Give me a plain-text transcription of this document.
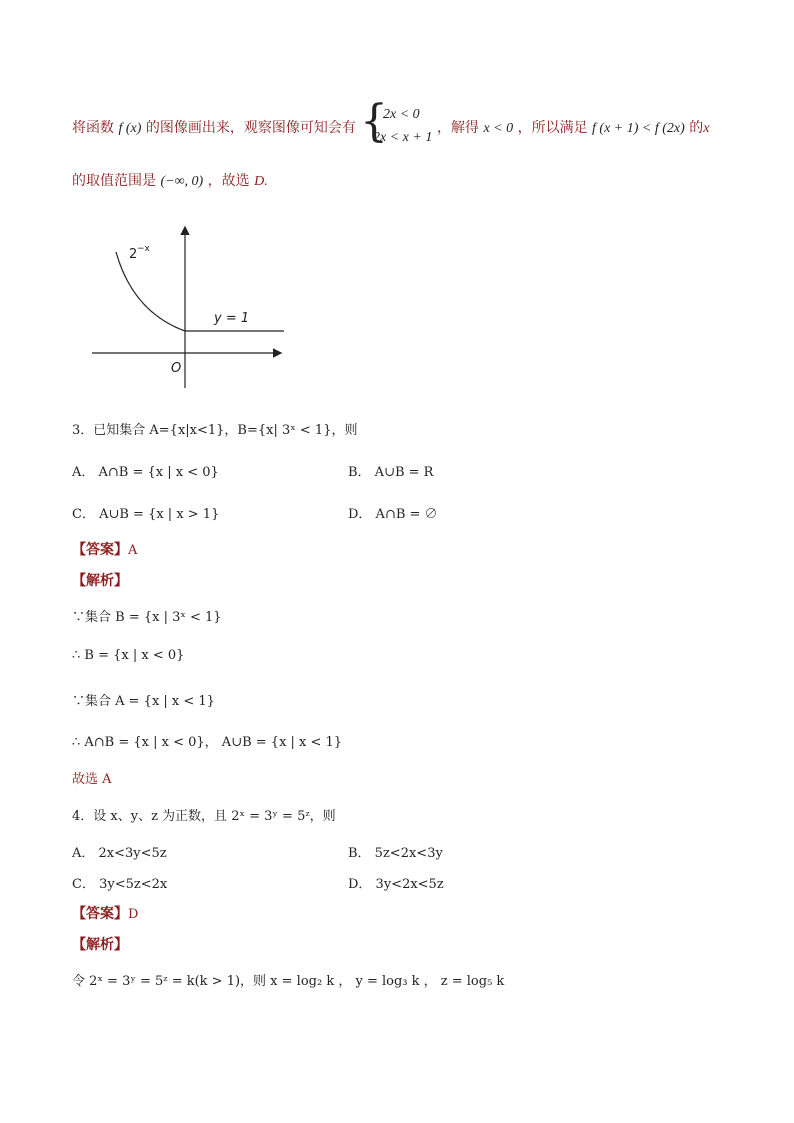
将函数 f (x) 的图像画出来，观察图像可知会有 {
2x < 0
2x < x + 1
，解得 x < 0 ，所以满足 f (x + 1) < f (2x) 的x
的取值范围是 (−∞, 0) ，故选 D.
2 −x
y = 1
O
3．已知集合 A={x|x<1}，B={x| 3ˣ < 1}，则
A． A∩B = {x | x < 0}	B． A∪B = R
C． A∪B = {x | x > 1}	D． A∩B = ∅
【答案】A
【解析】
∵集合 B = {x | 3ˣ < 1}
∴ B = {x | x < 0}
∵集合 A = {x | x < 1}
∴ A∩B = {x | x < 0}， A∪B = {x | x < 1}
故选 A
4．设 x、y、z 为正数，且 2ˣ = 3ʸ = 5ᶻ，则
A． 2x<3y<5z	B． 5z<2x<3y
C． 3y<5z<2x	D． 3y<2x<5z
【答案】D
【解析】
令 2ˣ = 3ʸ = 5ᶻ = k(k > 1)，则 x = log₂ k ， y = log₃ k ， z = log₅ k
